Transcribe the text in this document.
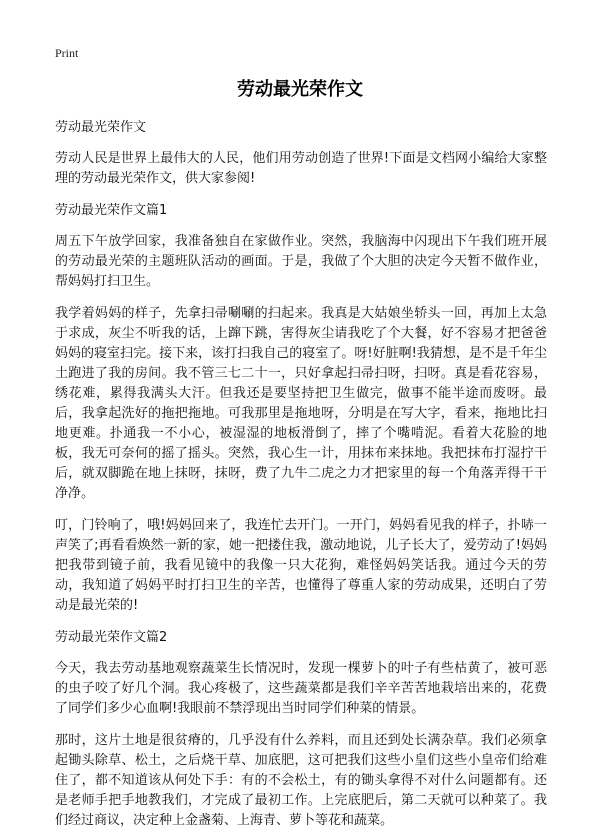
Print
劳动最光荣作文

劳动最光荣作文

劳动人民是世界上最伟大的人民，他们用劳动创造了世界!下面是文档网小编给大家整理的劳动最光荣作文，供大家参阅!

劳动最光荣作文篇1

周五下午放学回家，我准备独自在家做作业。突然，我脑海中闪现出下午我们班开展的劳动最光荣的主题班队活动的画面。于是，我做了个大胆的决定今天暂不做作业，帮妈妈打扫卫生。

我学着妈妈的样子，先拿扫帚唰唰的扫起来。我真是大姑娘坐轿头一回，再加上太急于求成，灰尘不听我的话，上蹿下跳，害得灰尘请我吃了个大餐，好不容易才把爸爸妈妈的寝室扫完。接下来，该打扫我自己的寝室了。呀!好脏啊!我猜想，是不是千年尘土跑进了我的房间。我不管三七二十一，只好拿起扫帚扫呀，扫呀。真是看花容易，绣花难，累得我满头大汗。但我还是要坚持把卫生做完，做事不能半途而废呀。最后，我拿起洗好的拖把拖地。可我那里是拖地呀，分明是在写大字，看来，拖地比扫地更难。扑通我一不小心，被湿湿的地板滑倒了，摔了个嘴啃泥。看着大花脸的地板，我无可奈何的摇了摇头。突然，我心生一计，用抹布来抹地。我把抹布打湿拧干后，就双脚跪在地上抹呀，抹呀，费了九牛二虎之力才把家里的每一个角落弄得干干净净。

叮，门铃响了，哦!妈妈回来了，我连忙去开门。一开门，妈妈看见我的样子，扑哧一声笑了;再看看焕然一新的家，她一把搂住我，激动地说，儿子长大了，爱劳动了!妈妈把我带到镜子前，我看见镜中的我像一只大花狗，难怪妈妈笑话我。通过今天的劳动，我知道了妈妈平时打扫卫生的辛苦，也懂得了尊重人家的劳动成果，还明白了劳动是最光荣的!

劳动最光荣作文篇2

今天，我去劳动基地观察蔬菜生长情况时，发现一棵萝卜的叶子有些枯黄了，被可恶的虫子咬了好几个洞。我心疼极了，这些蔬菜都是我们辛辛苦苦地栽培出来的，花费了同学们多少心血啊!我眼前不禁浮现出当时同学们种菜的情景。

那时，这片土地是很贫瘠的，几乎没有什么养料，而且还到处长满杂草。我们必须拿起锄头除草、松土，之后烧干草、加底肥，这可把我们这些小皇们这些小皇帝们给难住了，都不知道该从何处下手：有的不会松土，有的锄头拿得不对什么问题都有。还是老师手把手地教我们，才完成了最初工作。上完底肥后，第二天就可以种菜了。我们经过商议，决定种上金盏菊、上海青、萝卜等花和蔬菜。
